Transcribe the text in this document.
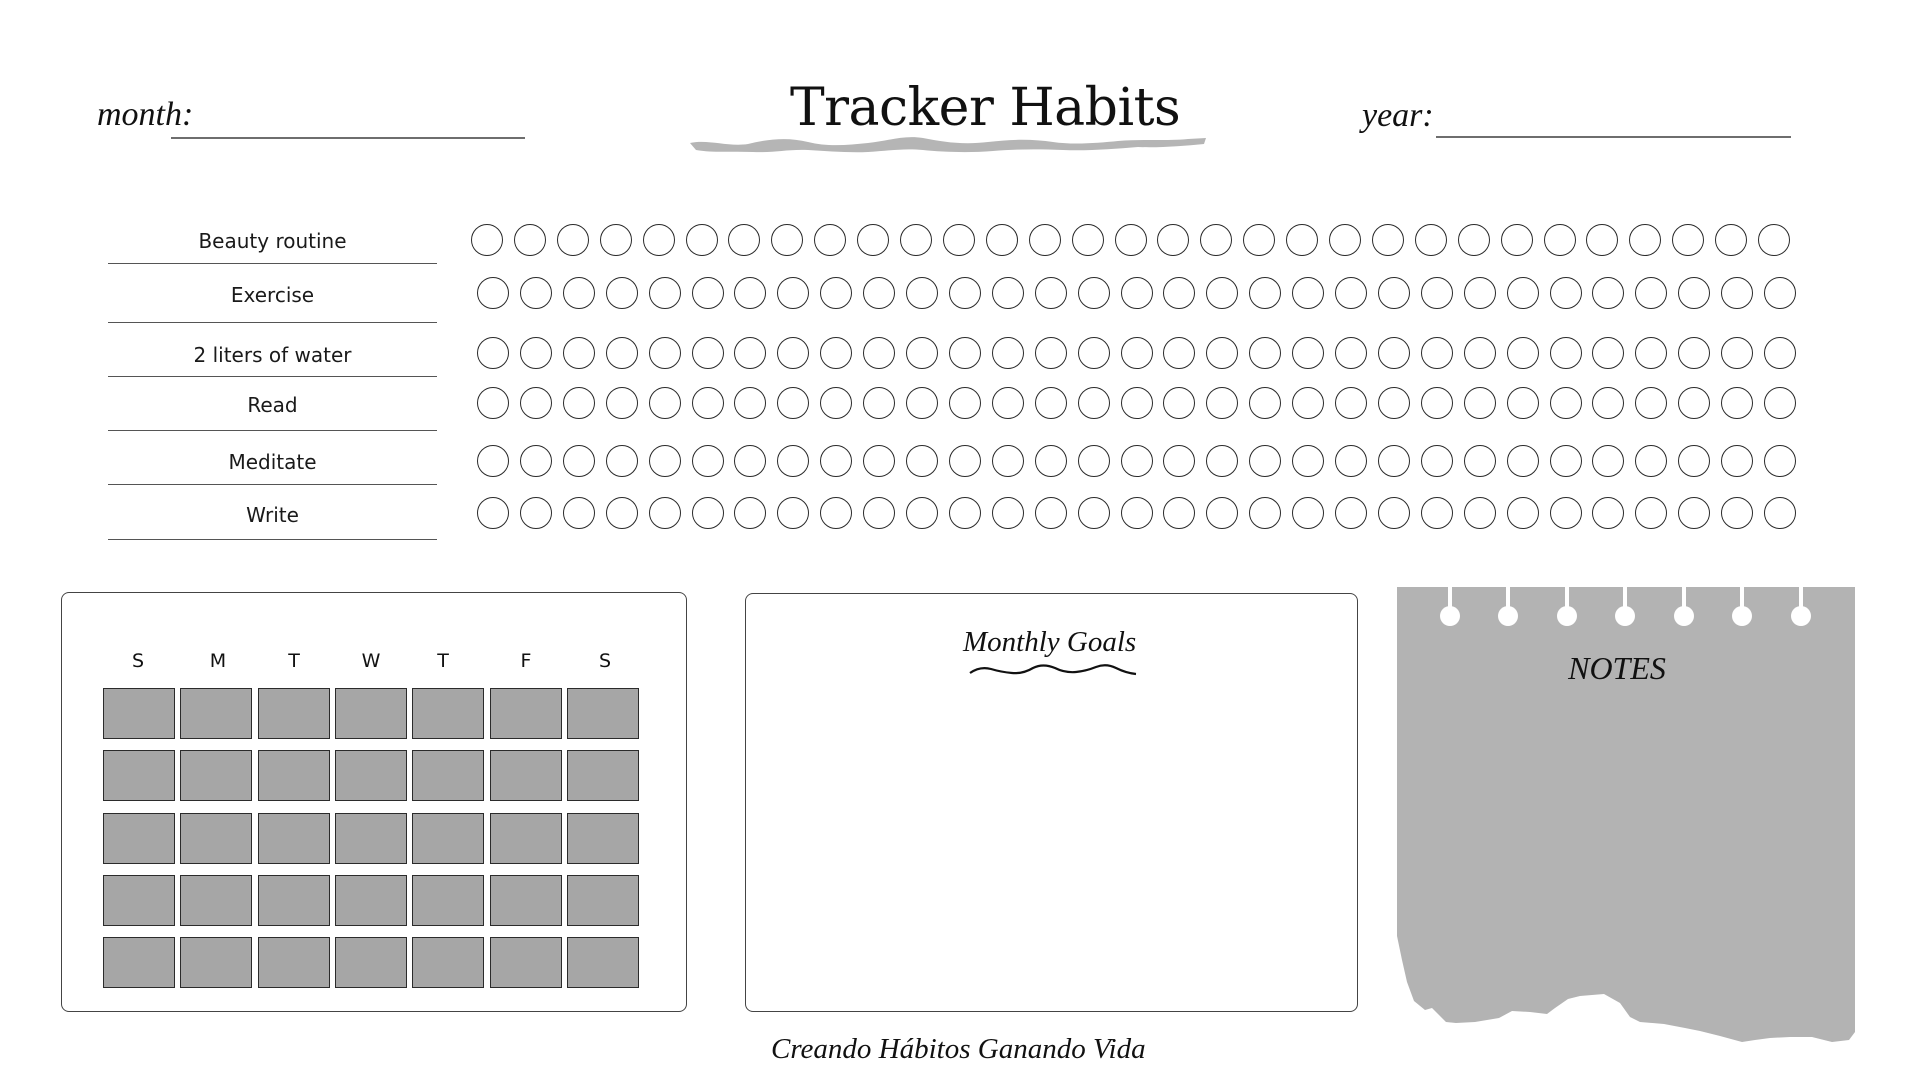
month:	Tracker Habits	year:
Beauty routine
Exercise
2 liters of water
Read
Meditate
Write
S	M	T	W	T	F	S
Monthly Goals
NOTES
Creando Hábitos Ganando Vida
